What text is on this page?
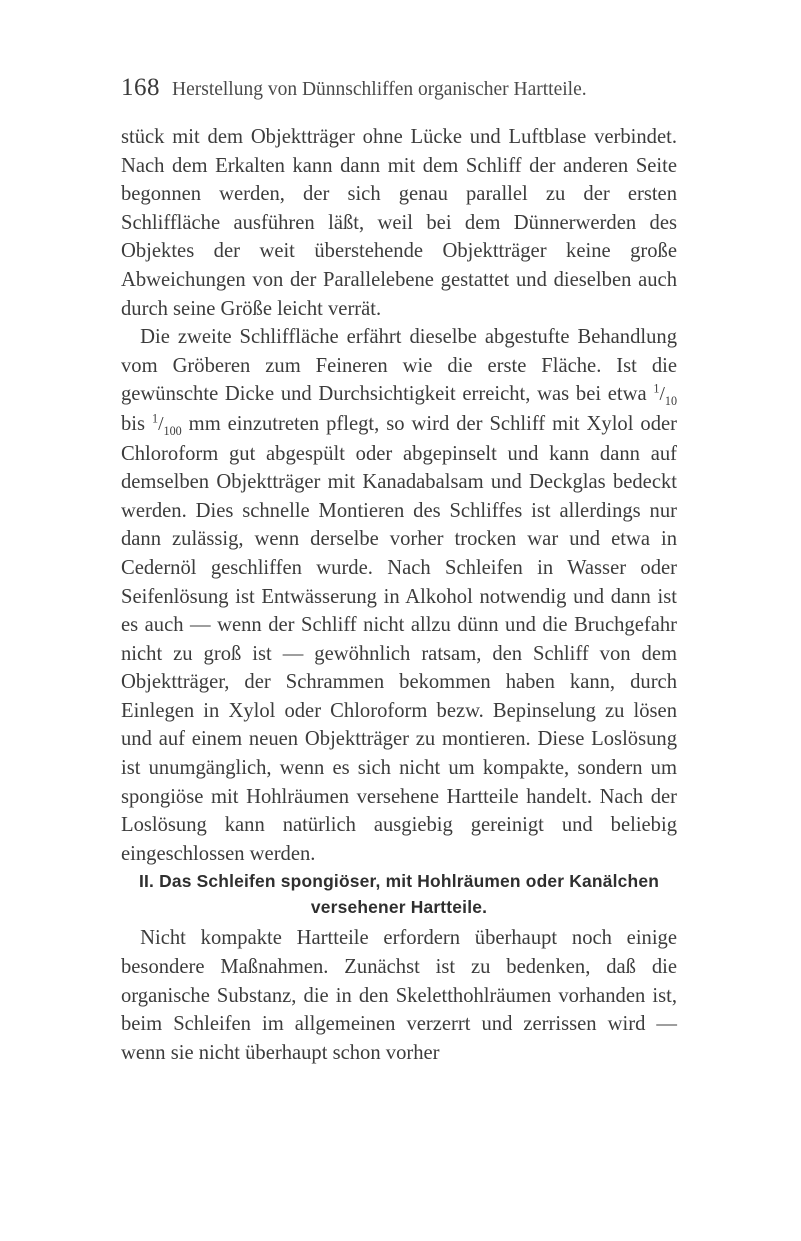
168 Herstellung von Dünnschliffen organischer Hartteile.

stück mit dem Objektträger ohne Lücke und Luftblase verbindet. Nach dem Erkalten kann dann mit dem Schliff der anderen Seite begonnen werden, der sich genau parallel zu der ersten Schliffläche ausführen läßt, weil bei dem Dünnerwerden des Objektes der weit überstehende Objektträger keine große Abweichungen von der Parallelebene gestattet und dieselben auch durch seine Größe leicht verrät.

Die zweite Schliffläche erfährt dieselbe abgestufte Behandlung vom Gröberen zum Feineren wie die erste Fläche. Ist die gewünschte Dicke und Durchsichtigkeit erreicht, was bei etwa $^1/_{10}$ bis $^1/_{100}$ mm einzutreten pflegt, so wird der Schliff mit Xylol oder Chloroform gut abgespült oder abgepinselt und kann dann auf demselben Objektträger mit Kanadabalsam und Deckglas bedeckt werden. Dies schnelle Montieren des Schliffes ist allerdings nur dann zulässig, wenn derselbe vorher trocken war und etwa in Cedernöl geschliffen wurde. Nach Schleifen in Wasser oder Seifenlösung ist Entwässerung in Alkohol notwendig und dann ist es auch — wenn der Schliff nicht allzu dünn und die Bruchgefahr nicht zu groß ist — gewöhnlich ratsam, den Schliff von dem Objektträger, der Schrammen bekommen haben kann, durch Einlegen in Xylol oder Chloroform bezw. Bepinselung zu lösen und auf einem neuen Objektträger zu montieren. Diese Loslösung ist unumgänglich, wenn es sich nicht um kompakte, sondern um spongiöse mit Hohlräumen versehene Hartteile handelt. Nach der Loslösung kann natürlich ausgiebig gereinigt und beliebig eingeschlossen werden.

II. Das Schleifen spongiöser, mit Hohlräumen oder Kanälchen
versehener Hartteile.

Nicht kompakte Hartteile erfordern überhaupt noch einige besondere Maßnahmen. Zunächst ist zu bedenken, daß die organische Substanz, die in den Skeletthohlräumen vorhanden ist, beim Schleifen im allgemeinen verzerrt und zerrissen wird — wenn sie nicht überhaupt schon vorher
